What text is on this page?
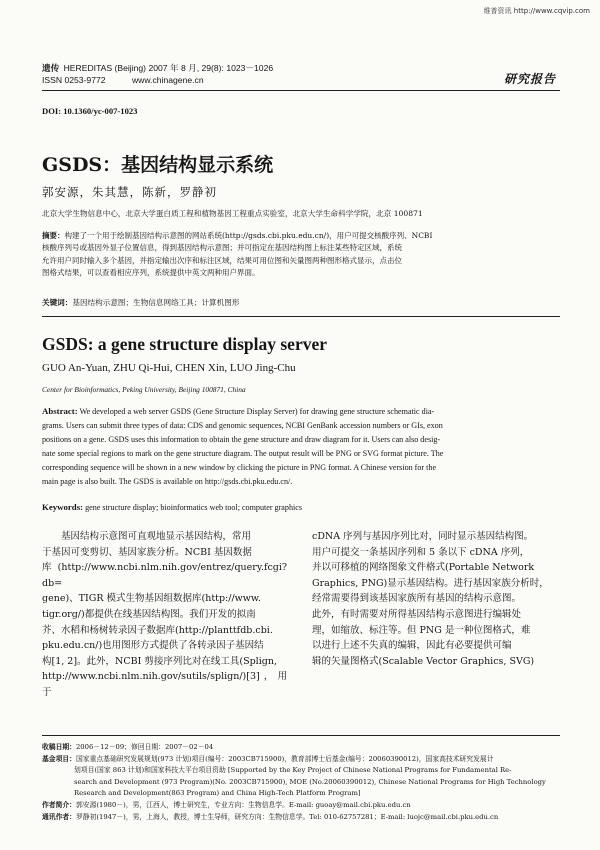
维普资讯 http://www.cqvip.com
遗传 HEREDITAS (Beijing) 2007 年 8 月, 29(8): 1023－1026
ISSN 0253-9772	www.chinagene.cn	研究报告
DOI: 10.1360/yc-007-1023
GSDS：基因结构显示系统
郭安源，朱其慧，陈新，罗静初
北京大学生物信息中心，北京大学蛋白质工程和植物基因工程重点实验室，北京大学生命科学学院，北京 100871
摘要：构建了一个用于绘制基因结构示意图的网站系统(http://gsds.cbi.pku.edu.cn/)，用户可提交核酸序列、NCBI
核酸序列号或基因外显子位置信息，得到基因结构示意图；并可指定在基因结构图上标注某些特定区域，系统
允许用户同时输入多个基因，并指定输出次序和标注区域，结果可用位图和矢量图两种图形格式显示，点击位
图格式结果，可以查看相应序列，系统提供中英文两种用户界面。
关键词：基因结构示意图；生物信息网络工具；计算机图形
GSDS: a gene structure display server
GUO An-Yuan, ZHU Qi-Hui, CHEN Xin, LUO Jing-Chu
Center for Bioinformatics, Peking University, Beijing 100871, China
Abstract: We developed a web server GSDS (Gene Structure Display Server) for drawing gene structure schematic dia-
grams. Users can submit three types of data: CDS and genomic sequences, NCBI GenBank accession numbers or GIs, exon
positions on a gene. GSDS uses this information to obtain the gene structure and draw diagram for it. Users can also desig-
nate some special regions to mark on the gene structure diagram. The output result will be PNG or SVG format picture. The
corresponding sequence will be shown in a new window by clicking the picture in PNG format. A Chinese version for the
main page is also built. The GSDS is available on http://gsds.cbi.pku.edu.cn/.
Keywords: gene structure display; bioinformatics web tool; computer graphics

基因结构示意图可直观地显示基因结构，常用

于基因可变剪切、基因家族分析。NCBI 基因数据

库(http://www.ncbi.nlm.nih.gov/entrez/query.fcgi?db=

gene)、TIGR 模式生物基因组数据库(http://www.

tigr.org/)都提供在线基因结构图。我们开发的拟南

芥、水稻和杨树转录因子数据库(http://planttfdb.cbi.

pku.edu.cn/)也用图形方式提供了各转录因子基因结

构[1, 2]。此外，NCBI 剪接序列比对在线工具(Splign,

http://www.ncbi.nlm.nih.gov/sutils/splign/)[3]，用于

cDNA 序列与基因序列比对，同时显示基因结构图。

用户可提交一条基因序列和 5 条以下 cDNA 序列，

并以可移植的网络图象文件格式(Portable Network

Graphics, PNG)显示基因结构。进行基因家族分析时，

经常需要得到该基因家族所有基因的结构示意图。

此外，有时需要对所得基因结构示意图进行编辑处

理，如缩放、标注等。但 PNG 是一种位图格式，难

以进行上述不失真的编辑，因此有必要提供可编

辑的矢量图格式(Scalable Vector Graphics, SVG)

收稿日期：2006－12－09；修回日期：2007－02－04
基金项目：国家重点基础研究发展规划(973 计划)项目(编号：2003CB715900)，教育部博士后基金(编号：20060390012)，国家高技术研究发展计
划项目(国家 863 计划)和国家科技大平台项目资助 [Supported by the Key Project of Chinese National Programs for Fundamental Re-
search and Development (973 Program)(No. 2003CB715900), MOE (No.20060390012), Chinese National Programs for High Technology
Research and Development(863 Program) and China High-Tech Platform Program]
作者简介：郭安源(1980－)，男，江西人，博士研究生，专业方向：生物信息学。E-mail: guoay@mail.cbi.pku.edu.cn
通讯作者：罗静初(1947－)，男，上海人，教授，博士生导师，研究方向：生物信息学。Tel: 010-62757281；E-mail: luojc@mail.cbi.pku.edu.cn
